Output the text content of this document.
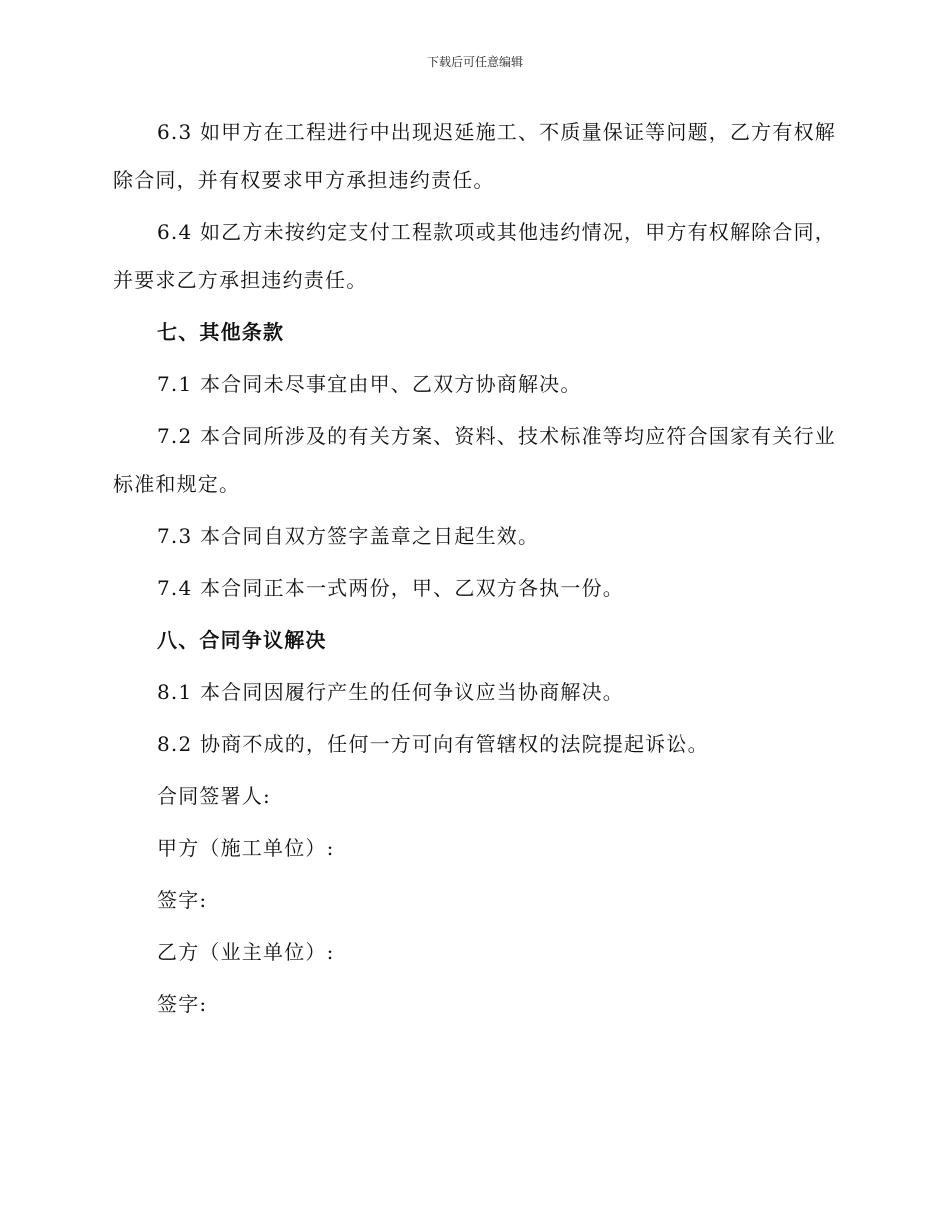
下载后可任意编辑

6.3 如甲方在工程进行中出现迟延施工、不质量保证等问题，乙方有权解除合同，并有权要求甲方承担违约责任。

6.4 如乙方未按约定支付工程款项或其他违约情况，甲方有权解除合同，并要求乙方承担违约责任。

七、其他条款

7.1 本合同未尽事宜由甲、乙双方协商解决。

7.2 本合同所涉及的有关方案、资料、技术标准等均应符合国家有关行业标准和规定。

7.3 本合同自双方签字盖章之日起生效。

7.4 本合同正本一式两份，甲、乙双方各执一份。

八、合同争议解决

8.1 本合同因履行产生的任何争议应当协商解决。

8.2 协商不成的，任何一方可向有管辖权的法院提起诉讼。

合同签署人:

甲方（施工单位）:

签字:

乙方（业主单位）:

签字:
